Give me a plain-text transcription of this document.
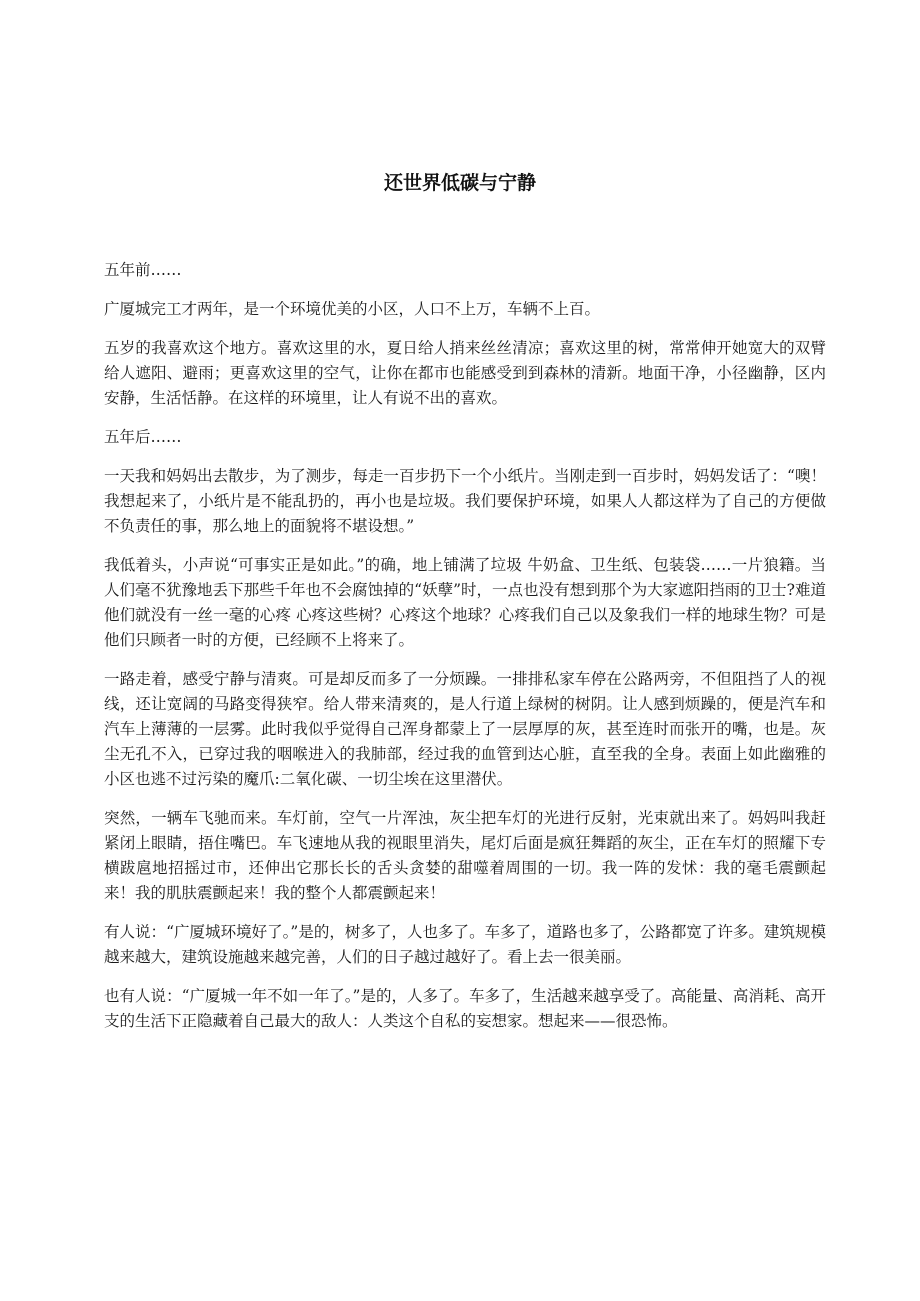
还世界低碳与宁静

五年前……

广厦城完工才两年，是一个环境优美的小区，人口不上万，车辆不上百。

五岁的我喜欢这个地方。喜欢这里的水，夏日给人捎来丝丝清凉；喜欢这里的树，常常伸开她宽大的双臂给人遮阳、避雨；更喜欢这里的空气，让你在都市也能感受到到森林的清新。地面干净，小径幽静，区内安静，生活恬静。在这样的环境里，让人有说不出的喜欢。

五年后……

一天我和妈妈出去散步，为了测步，每走一百步扔下一个小纸片。当刚走到一百步时，妈妈发话了：“噢！我想起来了，小纸片是不能乱扔的，再小也是垃圾。我们要保护环境，如果人人都这样为了自己的方便做不负责任的事，那么地上的面貌将不堪设想。”

我低着头，小声说“可事实正是如此。”的确，地上铺满了垃圾 牛奶盒、卫生纸、包装袋……一片狼籍。当人们毫不犹豫地丢下那些千年也不会腐蚀掉的“妖孽”时，一点也没有想到那个为大家遮阳挡雨的卫士?难道他们就没有一丝一毫的心疼 心疼这些树？心疼这个地球？心疼我们自己以及象我们一样的地球生物？可是他们只顾者一时的方便，已经顾不上将来了。

一路走着，感受宁静与清爽。可是却反而多了一分烦躁。一排排私家车停在公路两旁，不但阻挡了人的视线，还让宽阔的马路变得狭窄。给人带来清爽的，是人行道上绿树的树阴。让人感到烦躁的，便是汽车和汽车上薄薄的一层雾。此时我似乎觉得自己浑身都蒙上了一层厚厚的灰，甚至连时而张开的嘴，也是。灰尘无孔不入，已穿过我的咽喉进入的我肺部，经过我的血管到达心脏，直至我的全身。表面上如此幽雅的小区也逃不过污染的魔爪:二氧化碳、一切尘埃在这里潜伏。

突然，一辆车飞驰而来。车灯前，空气一片浑浊，灰尘把车灯的光进行反射，光束就出来了。妈妈叫我赶紧闭上眼睛，捂住嘴巴。车飞速地从我的视眼里消失，尾灯后面是疯狂舞蹈的灰尘，正在车灯的照耀下专横跋扈地招摇过市，还伸出它那长长的舌头贪婪的甜噬着周围的一切。我一阵的发怵：我的毫毛震颤起来！我的肌肤震颤起来！我的整个人都震颤起来！

有人说：“广厦城环境好了。”是的，树多了，人也多了。车多了，道路也多了，公路都宽了许多。建筑规模越来越大，建筑设施越来越完善，人们的日子越过越好了。看上去一很美丽。

也有人说：“广厦城一年不如一年了。”是的，人多了。车多了，生活越来越享受了。高能量、高消耗、高开支的生活下正隐藏着自己最大的敌人：人类这个自私的妄想家。想起来——很恐怖。
